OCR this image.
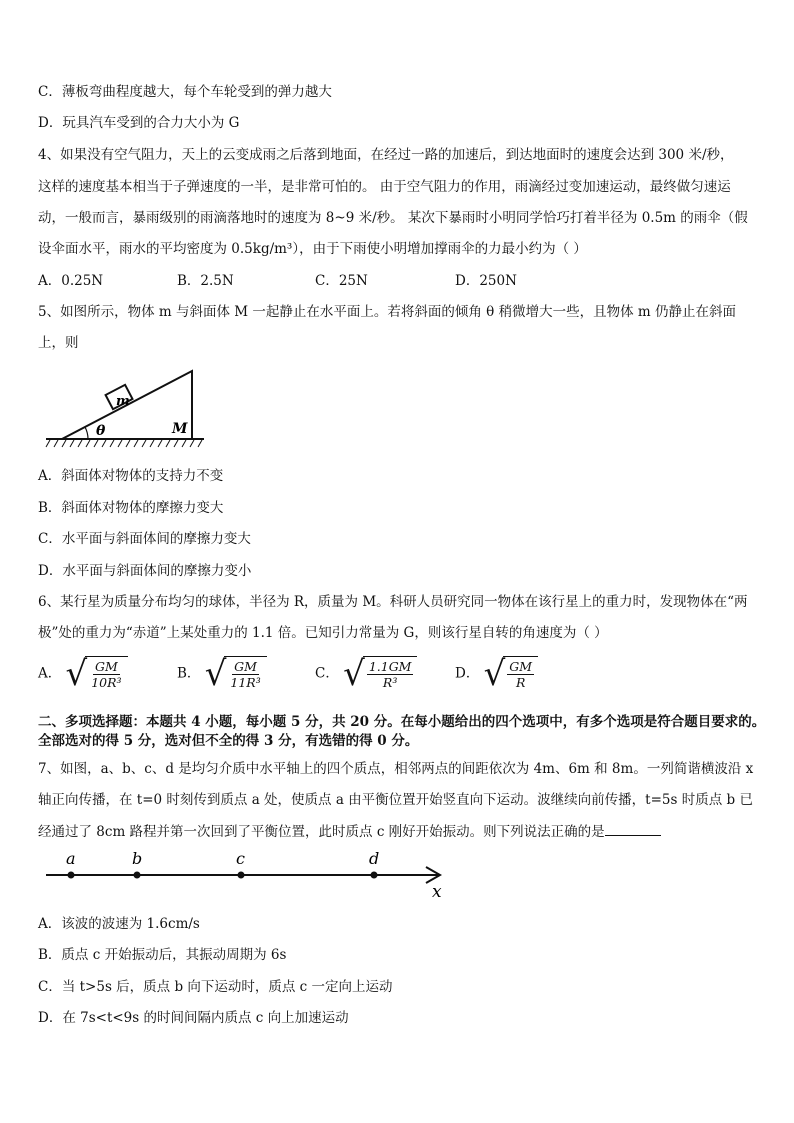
C．薄板弯曲程度越大，每个车轮受到的弹力越大
D．玩具汽车受到的合力大小为 G
4、如果没有空气阻力，天上的云变成雨之后落到地面，在经过一路的加速后，到达地面时的速度会达到 300 米/秒，
这样的速度基本相当于子弹速度的一半，是非常可怕的。 由于空气阻力的作用，雨滴经过变加速运动，最终做匀速运
动，一般而言，暴雨级别的雨滴落地时的速度为 8~9 米/秒。 某次下暴雨时小明同学恰巧打着半径为 0.5m 的雨伞（假
设伞面水平，雨水的平均密度为 0.5kg/m³），由于下雨使小明增加撑雨伞的力最小约为（ ）
A．0.25N	B．2.5N	C．25N	D．250N
5、如图所示，物体 m 与斜面体 M 一起静止在水平面上。若将斜面的倾角 θ 稍微增大一些，且物体 m 仍静止在斜面
上，则
m
θ	M
A．斜面体对物体的支持力不变
B．斜面体对物体的摩擦力变大
C．水平面与斜面体间的摩擦力变大
D．水平面与斜面体间的摩擦力变小
6、某行星为质量分布均匀的球体，半径为 R，质量为 M。科研人员研究同一物体在该行星上的重力时，发现物体在“两
极”处的重力为“赤道”上某处重力的 1.1 倍。已知引力常量为 G，则该行星自转的角速度为（ ）
A． √
$\frac{GM}{\text{10R³}}$	B． √
$\frac{GM}{\text{11R³}}$	C． √
$\frac{1.1GM}{\text{R³}}$	D． √
$\frac{GM}{R}$
二、多项选择题：本题共 4 小题，每小题 5 分，共 20 分。在每小题给出的四个选项中，有多个选项是符合题目要求的。
全部选对的得 5 分，选对但不全的得 3 分，有选错的得 0 分。
7、如图，a、b、c、d 是均匀介质中水平轴上的四个质点，相邻两点的间距依次为 4m、6m 和 8m。一列简谐横波沿 x
轴正向传播，在 t=0 时刻传到质点 a 处，使质点 a 由平衡位置开始竖直向下运动。波继续向前传播，t=5s 时质点 b 已
经通过了 8cm 路程并第一次回到了平衡位置，此时质点 c 刚好开始振动。则下列说法正确的是
a	b	c	d
x
A．该波的波速为 1.6cm/s
B．质点 c 开始振动后，其振动周期为 6s
C．当 t>5s 后，质点 b 向下运动时，质点 c 一定向上运动
D．在 7s<t<9s 的时间间隔内质点 c 向上加速运动
